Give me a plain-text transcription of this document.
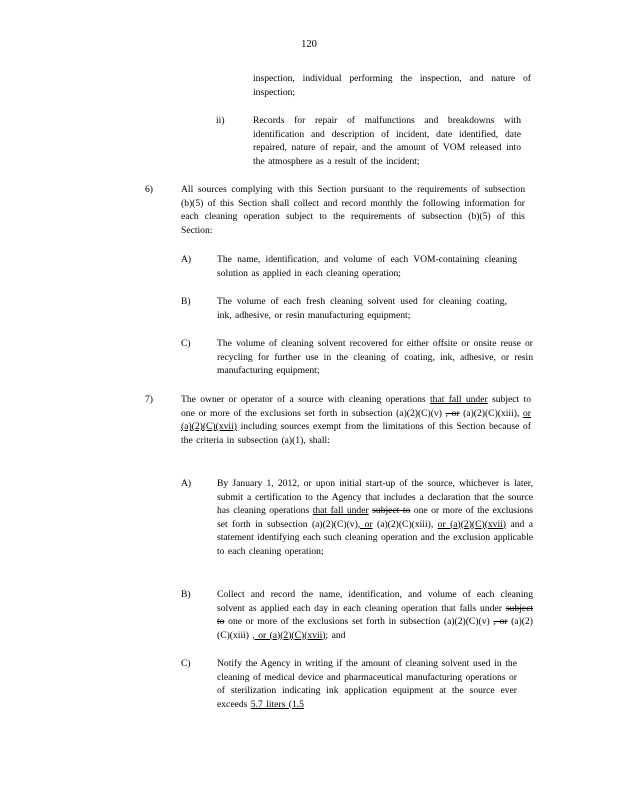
120
inspection, individual performing the inspection, and nature of inspection;
ii)	Records for repair of malfunctions and breakdowns with identification and description of incident, date identified, date repaired, nature of repair, and the amount of VOM released into the atmosphere as a result of the incident;
6)	All sources complying with this Section pursuant to the requirements of subsection (b)(5) of this Section shall collect and record monthly the following information for each cleaning operation subject to the requirements of subsection (b)(5) of this Section:
A)	The name, identification, and volume of each VOM-containing cleaning solution as applied in each cleaning operation;
B)	The volume of each fresh cleaning solvent used for cleaning coating, ink, adhesive, or resin manufacturing equipment;
C)	The volume of cleaning solvent recovered for either offsite or onsite reuse or recycling for further use in the cleaning of coating, ink, adhesive, or resin manufacturing equipment;
7)	The owner or operator of a source with cleaning operations that fall under subject to one or more of the exclusions set forth in subsection (a)(2)(C)(v) , or (a)(2)(C)(xiii), or (a)(2)(C)(xvii) including sources exempt from the limitations of this Section because of the criteria in subsection (a)(1), shall:
A)	By January 1, 2012, or upon initial start-up of the source, whichever is later, submit a certification to the Agency that includes a declaration that the source has cleaning operations that fall under subject to one or more of the exclusions set forth in subsection (a)(2)(C)(v), or (a)(2)(C)(xiii), or (a)(2)(C)(xvii) and a statement identifying each such cleaning operation and the exclusion applicable to each cleaning operation;
B)	Collect and record the name, identification, and volume of each cleaning solvent as applied each day in each cleaning operation that falls under subject to one or more of the exclusions set forth in subsection (a)(2)(C)(v) , or (a)(2)(C)(xiii) , or (a)(2)(C)(xvii); and
C)	Notify the Agency in writing if the amount of cleaning solvent used in the cleaning of medical device and pharmaceutical manufacturing operations or of sterilization indicating ink application equipment at the source ever exceeds 5.7 liters (1.5
